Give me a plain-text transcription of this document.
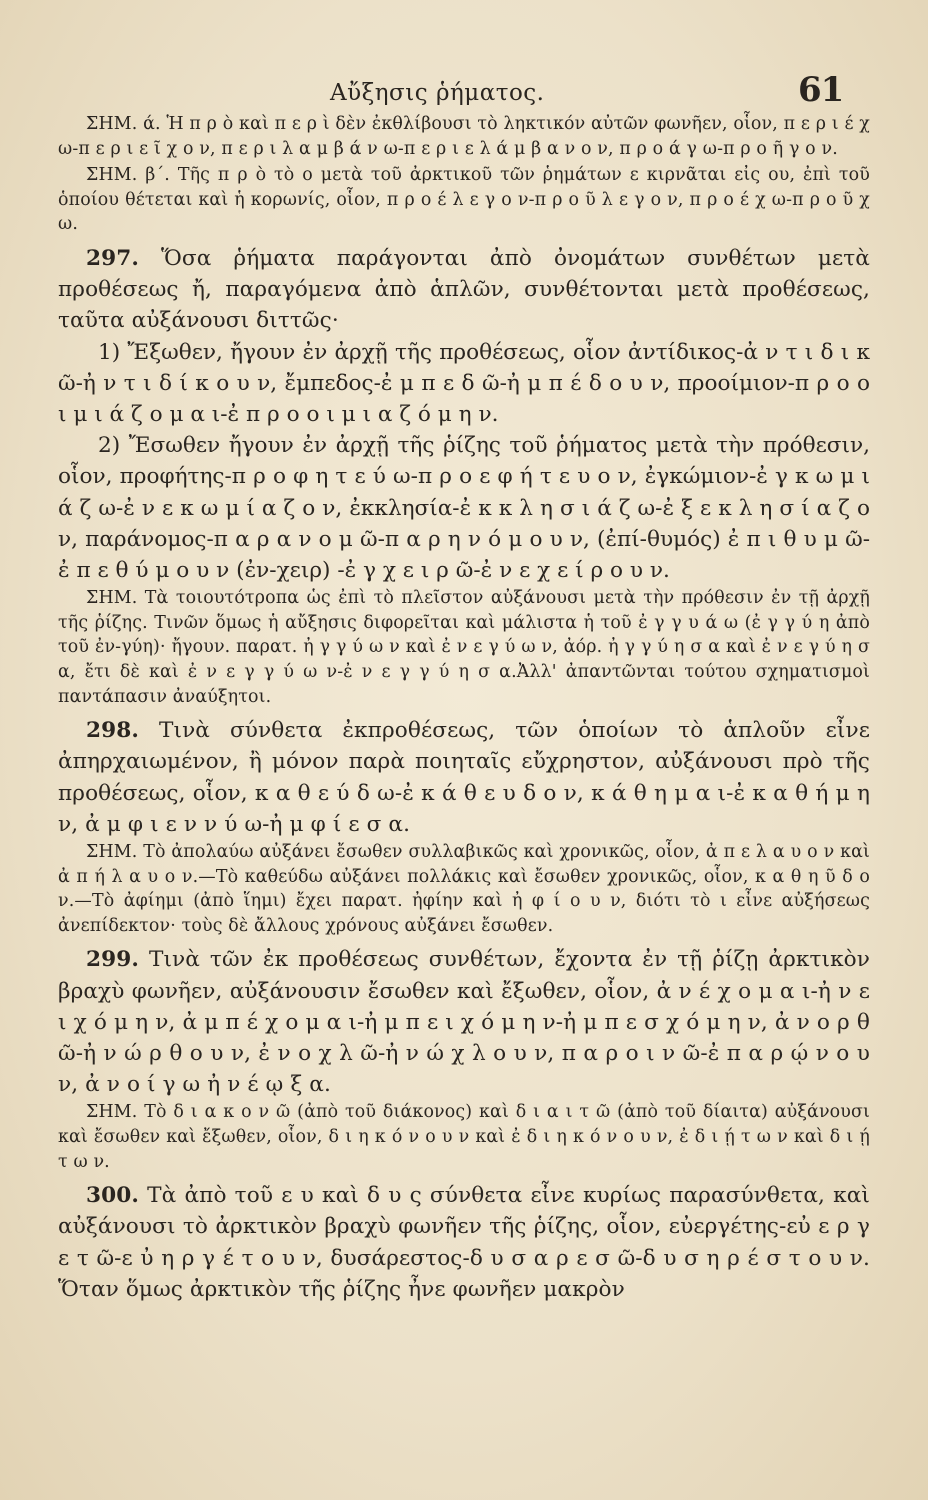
Αὔξησις ῥήματος.	61

ΣΗΜ. ά. Ἡ π ρ ὸ καὶ π ε ρ ὶ δὲν ἐκθλίβουσι τὸ ληκτικόν αὐτῶν φωνῆεν, οἷον, π ε ρ ι έ χ ω-π ε ρ ι ε ῖ χ ο ν, π ε ρ ι λ α μ β ά ν ω-π ε ρ ι ε λ ά μ β α ν ο ν, π ρ ο ά γ ω-π ρ ο ῆ γ ο ν.

ΣΗΜ. β΄. Τῆς π ρ ὸ τὸ ο μετὰ τοῦ ἀρκτικοῦ τῶν ῥημάτων ε κιρνᾶται εἰς ου, ἐπὶ τοῦ ὁποίου θέτεται καὶ ἡ κορωνίς, οἷον, π ρ ο έ λ ε γ ο ν-π ρ ο ῦ λ ε γ ο ν, π ρ ο έ χ ω-π ρ ο ῦ χ ω.

297. Ὅσα ῥήματα παράγονται ἀπὸ ὀνομάτων συνθέτων μετὰ προθέσεως ἤ, παραγόμενα ἀπὸ ἁπλῶν, συνθέτονται μετὰ προθέσεως, ταῦτα αὐξάνουσι διττῶς·

1) Ἔξωθεν, ἤγουν ἐν ἀρχῇ τῆς προθέσεως, οἷον ἀντίδικος-ἀ ν τ ι δ ι κ ῶ-ἠ ν τ ι δ ί κ ο υ ν, ἔμπεδος-ἐ μ π ε δ ῶ-ἠ μ π έ δ ο υ ν, προοίμιον-π ρ ο ο ι μ ι ά ζ ο μ α ι-ἐ π ρ ο ο ι μ ι α ζ ό μ η ν.

2) Ἔσωθεν ἤγουν ἐν ἀρχῇ τῆς ῥίζης τοῦ ῥήματος μετὰ τὴν πρόθεσιν, οἷον, προφήτης-π ρ ο φ η τ ε ύ ω-π ρ ο ε φ ή τ ε υ ο ν, ἐγκώμιον-ἐ γ κ ω μ ι ά ζ ω-ἐ ν ε κ ω μ ί α ζ ο ν, ἐκκλησία-ἐ κ κ λ η σ ι ά ζ ω-ἐ ξ ε κ λ η σ ί α ζ ο ν, παράνομος-π α ρ α ν ο μ ῶ-π α ρ η ν ό μ ο υ ν, (ἐπί-θυμός) ἐ π ι θ υ μ ῶ-ἐ π ε θ ύ μ ο υ ν (ἐν-χειρ) -ἐ γ χ ε ι ρ ῶ-ἐ ν ε χ ε ί ρ ο υ ν.

ΣΗΜ. Τὰ τοιουτότροπα ὡς ἐπὶ τὸ πλεῖστον αὐξάνουσι μετὰ τὴν πρόθεσιν ἐν τῇ ἀρχῇ τῆς ῥίζης. Τινῶν ὅμως ἡ αὔξησις διφορεῖται καὶ μάλιστα ἡ τοῦ ἐ γ γ υ ά ω (ἐ γ γ ύ η ἀπὸ τοῦ ἐν-γύη)· ἤγουν. παρατ. ἠ γ γ ύ ω ν καὶ ἐ ν ε γ ύ ω ν, ἀόρ. ἠ γ γ ύ η σ α καὶ ἐ ν ε γ ύ η σ α, ἔτι δὲ καὶ ἐ ν ε γ γ ύ ω ν-ἐ ν ε γ γ ύ η σ α.Ἀλλ' ἀπαντῶνται τούτου σχηματισμοὶ παντάπασιν ἀναύξητοι.

298. Τινὰ σύνθετα ἐκπροθέσεως, τῶν ὁποίων τὸ ἁπλοῦν εἶνε ἀπηρχαιωμένον, ἢ μόνον παρὰ ποιηταῖς εὔχρηστον, αὐξάνουσι πρὸ τῆς προθέσεως, οἷον, κ α θ ε ύ δ ω-ἐ κ ά θ ε υ δ ο ν, κ ά θ η μ α ι-ἐ κ α θ ή μ η ν, ἀ μ φ ι ε ν ν ύ ω-ἠ μ φ ί ε σ α.

ΣΗΜ. Τὸ ἀπολαύω αὐξάνει ἔσωθεν συλλαβικῶς καὶ χρονικῶς, οἷον, ἀ π ε λ α υ ο ν καὶ ἀ π ή λ α υ ο ν.—Τὸ καθεύδω αὐξάνει πολλάκις καὶ ἔσωθεν χρονικῶς, οἷον, κ α θ η ῦ δ ο ν.—Τὸ ἀφίημι (ἀπὸ ἵημι) ἔχει παρατ. ἠφίην καὶ ἠ φ ί ο υ ν, διότι τὸ ι εἶνε αὐξήσεως ἀνεπίδεκτον· τοὺς δὲ ἄλλους χρόνους αὐξάνει ἔσωθεν.

299. Τινὰ τῶν ἐκ προθέσεως συνθέτων, ἔχοντα ἐν τῇ ῥίζῃ ἀρκτικὸν βραχὺ φωνῆεν, αὐξάνουσιν ἔσωθεν καὶ ἔξωθεν, οἷον, ἀ ν έ χ ο μ α ι-ἠ ν ε ι χ ό μ η ν, ἀ μ π έ χ ο μ α ι-ἠ μ π ε ι χ ό μ η ν-ἠ μ π ε σ χ ό μ η ν, ἀ ν ο ρ θ ῶ-ἠ ν ώ ρ θ ο υ ν, ἐ ν ο χ λ ῶ-ἠ ν ώ χ λ ο υ ν, π α ρ ο ι ν ῶ-ἐ π α ρ ῴ ν ο υ ν, ἀ ν ο ί γ ω ἠ ν έ ῳ ξ α.

ΣΗΜ. Τὸ δ ι α κ ο ν ῶ (ἀπὸ τοῦ διάκονος) καὶ δ ι α ι τ ῶ (ἀπὸ τοῦ δίαιτα) αὐξάνουσι καὶ ἔσωθεν καὶ ἔξωθεν, οἷον, δ ι η κ ό ν ο υ ν καὶ ἐ δ ι η κ ό ν ο υ ν, ἐ δ ι ῄ τ ω ν καὶ δ ι ῄ τ ω ν.

300. Τὰ ἀπὸ τοῦ ε υ καὶ δ υ ς σύνθετα εἶνε κυρίως παρασύνθετα, καὶ αὐξάνουσι τὸ ἀρκτικὸν βραχὺ φωνῆεν τῆς ῥίζης, οἷον, εὐεργέτης-εὐ ε ρ γ ε τ ῶ-ε ὐ η ρ γ έ τ ο υ ν, δυσάρεστος-δ υ σ α ρ ε σ ῶ-δ υ σ η ρ έ σ τ ο υ ν. Ὅταν ὅμως ἀρκτικὸν τῆς ῥίζης ἦνε φωνῆεν μακρὸν
